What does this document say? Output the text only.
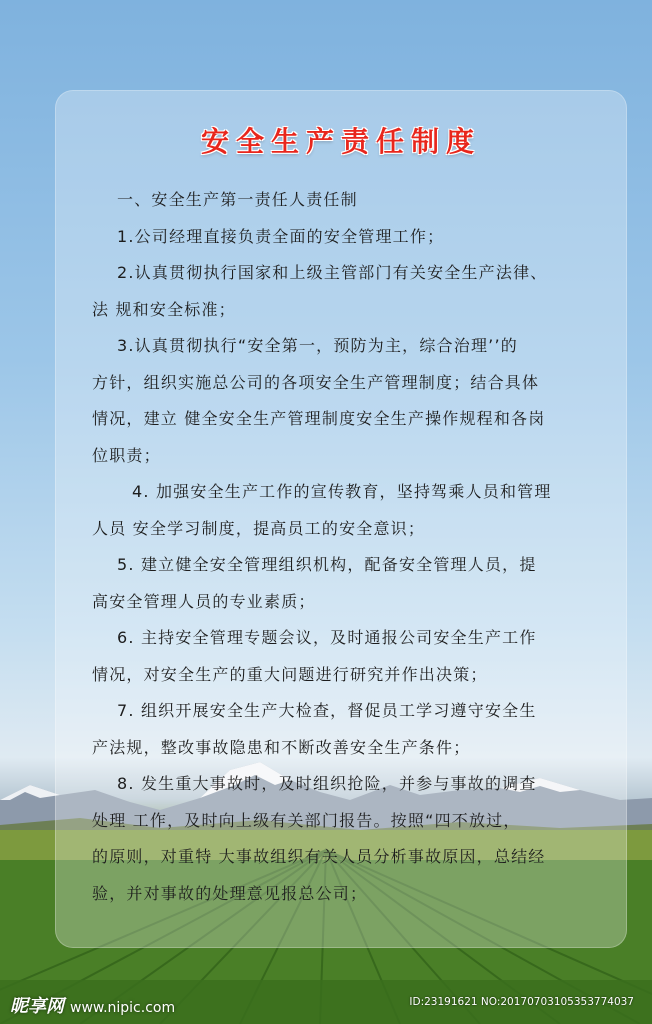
安全生产责任制度

一、安全生产第一责任人责任制

1.公司经理直接负责全面的安全管理工作；

2.认真贯彻执行国家和上级主管部门有关安全生产法律、

法 规和安全标准；

3.认真贯彻执行“安全第一，预防为主，综合治理’’的

方针，组织实施总公司的各项安全生产管理制度；结合具体

情况，建立 健全安全生产管理制度安全生产操作规程和各岗

位职责；

4. 加强安全生产工作的宣传教育，坚持驾乘人员和管理

人员 安全学习制度，提高员工的安全意识；

5. 建立健全安全管理组织机构，配备安全管理人员，提

高安全管理人员的专业素质；

6. 主持安全管理专题会议，及时通报公司安全生产工作

情况，对安全生产的重大问题进行研究并作出决策；

7. 组织开展安全生产大检查，督促员工学习遵守安全生

产法规，整改事故隐患和不断改善安全生产条件；

8. 发生重大事故时，及时组织抢险，并参与事故的调查

处理 工作，及时向上级有关部门报告。按照“四不放过，

的原则，对重特 大事故组织有关人员分析事故原因，总结经

验，并对事故的处理意见报总公司；

昵享网 www.nipic.com	ID:23191621 NO:20170703105353774037
